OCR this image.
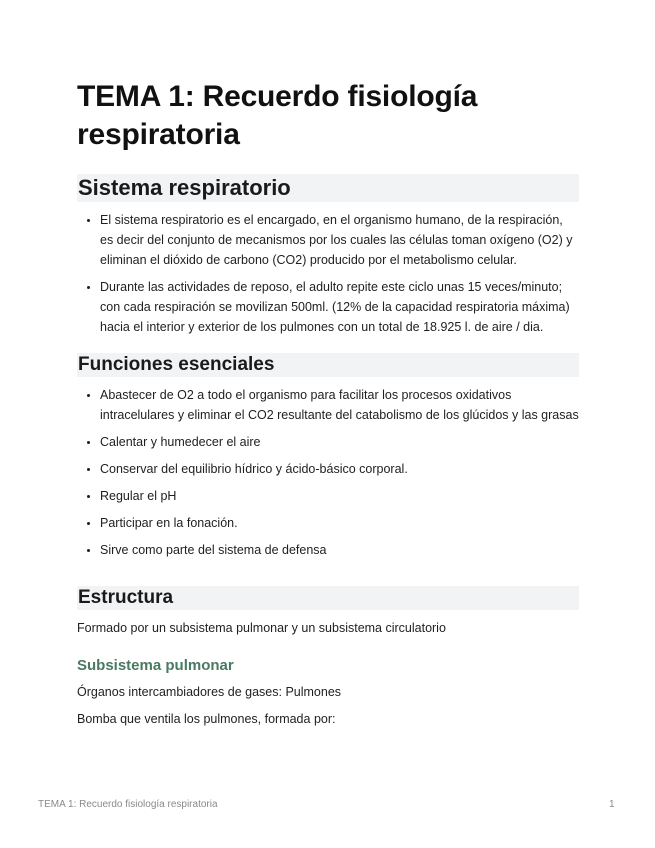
TEMA 1: Recuerdo fisiología respiratoria
Sistema respiratorio
• El sistema respiratorio es el encargado, en el organismo humano, de la respiración, es decir del conjunto de mecanismos por los cuales las células toman oxígeno (O2) y eliminan el dióxido de carbono (CO2) producido por el metabolismo celular.
• Durante las actividades de reposo, el adulto repite este ciclo unas 15 veces/minuto; con cada respiración se movilizan 500ml. (12% de la capacidad respiratoria máxima) hacia el interior y exterior de los pulmones con un total de 18.925 l. de aire / dia.
Funciones esenciales
• Abastecer de O2 a todo el organismo para facilitar los procesos oxidativos intracelulares y eliminar el CO2 resultante del catabolismo de los glúcidos y las grasas
• Calentar y humedecer el aire
• Conservar del equilibrio hídrico y ácido-básico corporal.
• Regular el pH
• Participar en la fonación.
• Sirve como parte del sistema de defensa
Estructura

Formado por un subsistema pulmonar y un subsistema circulatorio

Subsistema pulmonar

Órganos intercambiadores de gases: Pulmones

Bomba que ventila los pulmones, formada por:

TEMA 1: Recuerdo fisiología respiratoria	1
